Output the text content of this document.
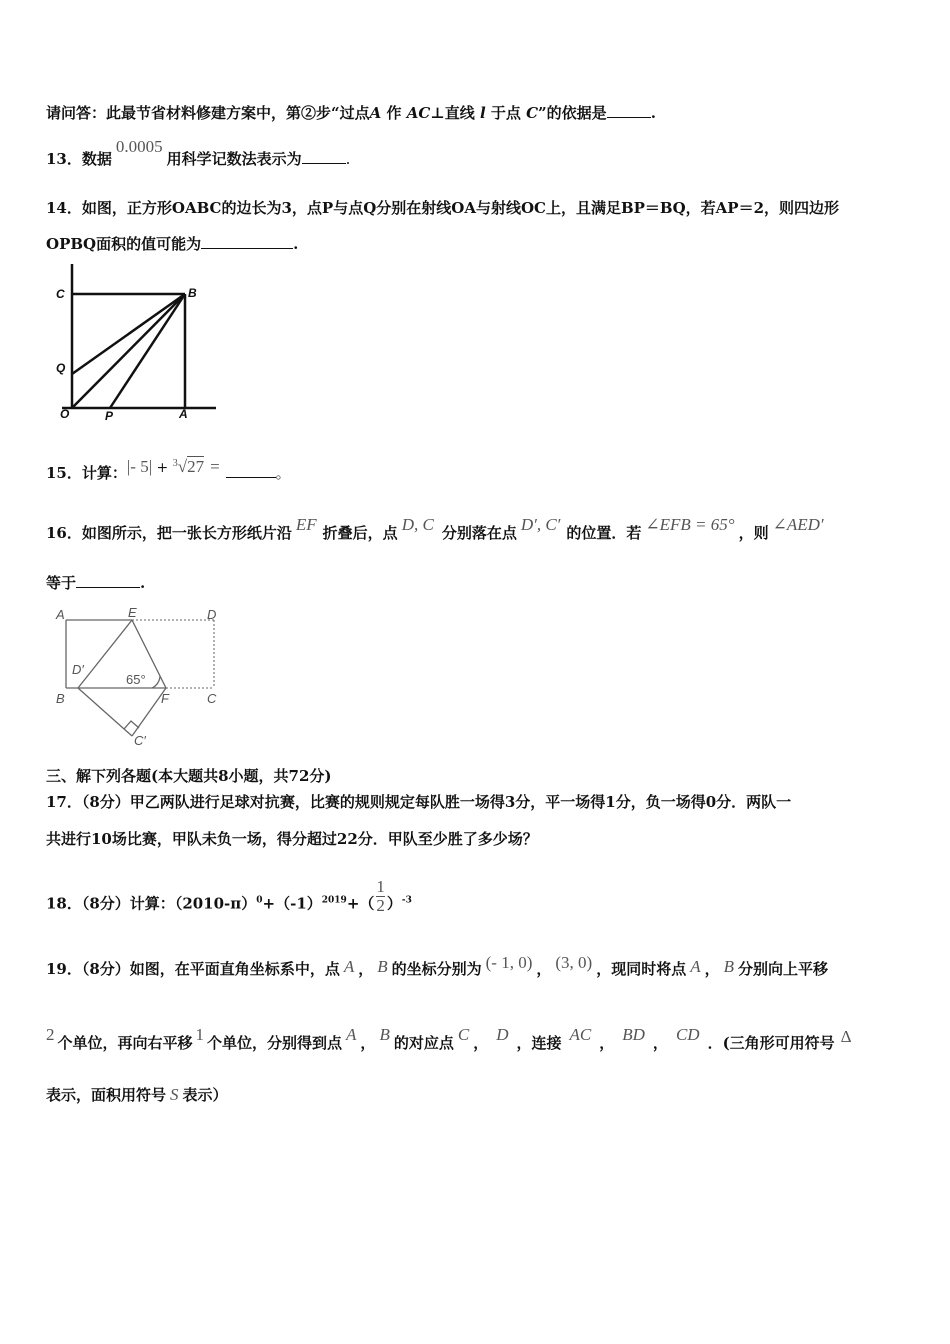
请问答：此最节省材料修建方案中，第②步“过点A 作 AC⊥直线 l 于点 C”的依据是	.
13．数据0.0005用科学记数法表示为	.
14．如图，正方形OABC的边长为3，点P与点Q分别在射线OA与射线OC上，且满足BP＝BQ，若AP＝2，则四边形
OPBQ面积的值可能为	.
C	B
Q
O	P	A
15．计算：|- 5| + $^3$√27 =	。
16．如图所示，把一张长方形纸片沿 EF 折叠后，点 D, C 分别落在点 D′, C′ 的位置．若 ∠EFB = 65° ，则 ∠AED′
等于	.
A	E	D
D′
B	F	C
C′
65°
三、解下列各题(本大题共8小题，共72分)
17．（8分）甲乙两队进行足球对抗赛，比赛的规则规定每队胜一场得3分，平一场得1分，负一场得0分．两队一
共进行10场比赛，甲队未负一场，得分超过22分．甲队至少胜了多少场？
18．（8分）计算：$(2010-\pi)^0+(-1)^{2019}+( \frac{1}{2} )^{-3}$
19．（8分）如图，在平面直角坐标系中，点 A ， B 的坐标分别为 (- 1, 0) ， (3, 0) ，现同时将点 A ， B 分别向上平移
2 个单位，再向右平移 1 个单位，分别得到点 A ， B 的对应点 C ， D ，连接 AC ， BD ， CD ．(三角形可用符号 Δ
表示，面积用符号 S 表示）
